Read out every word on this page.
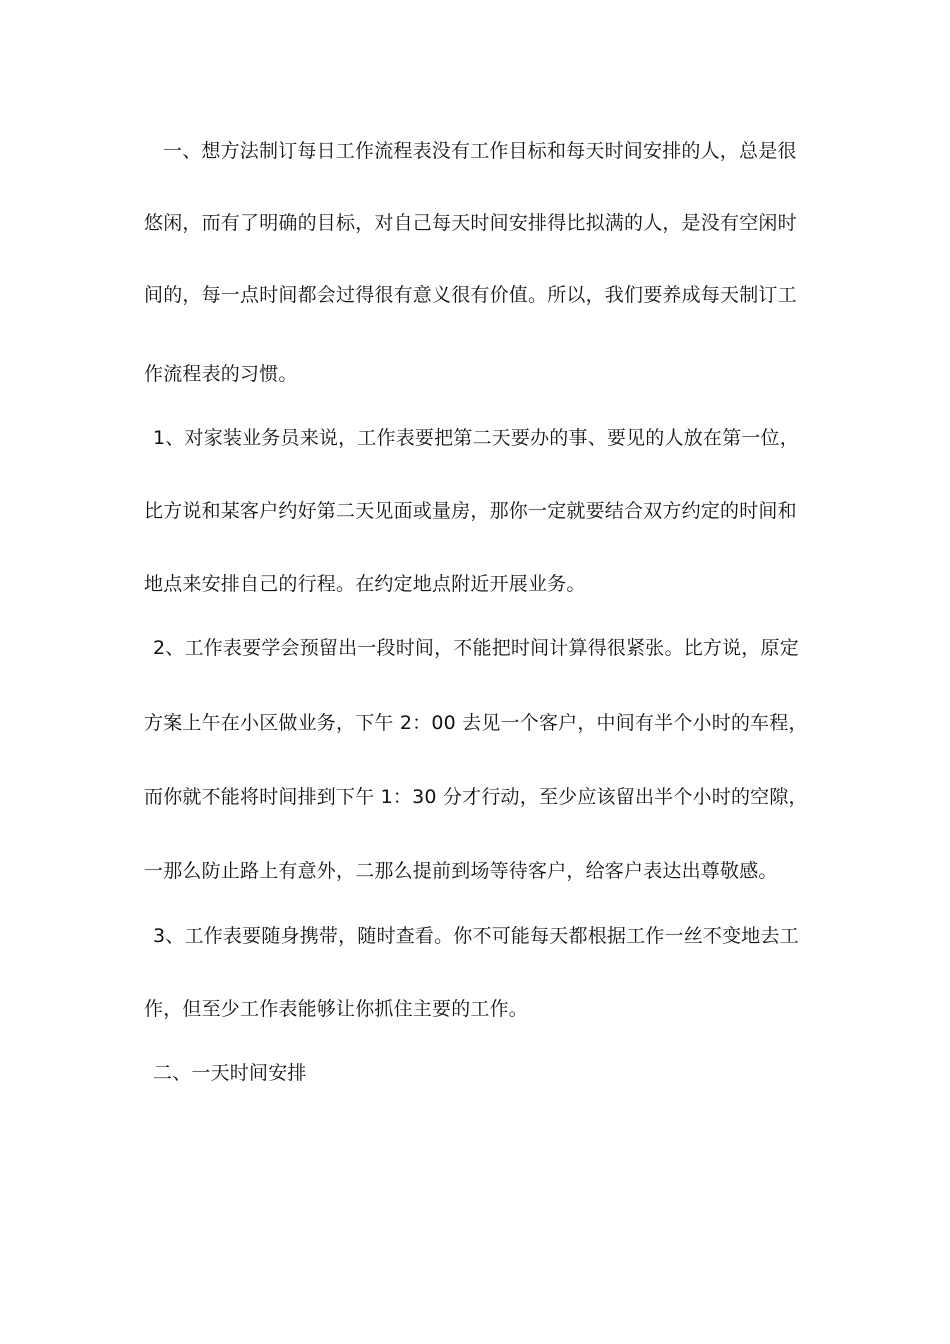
一、想方法制订每日工作流程表没有工作目标和每天时间安排的人，总是很
悠闲，而有了明确的目标，对自己每天时间安排得比拟满的人，是没有空闲时
间的，每一点时间都会过得很有意义很有价值。所以，我们要养成每天制订工
作流程表的习惯。
1、对家装业务员来说，工作表要把第二天要办的事、要见的人放在第一位，
比方说和某客户约好第二天见面或量房，那你一定就要结合双方约定的时间和
地点来安排自己的行程。在约定地点附近开展业务。
2、工作表要学会预留出一段时间，不能把时间计算得很紧张。比方说，原定
方案上午在小区做业务，下午 2：00 去见一个客户，中间有半个小时的车程，
而你就不能将时间排到下午 1：30 分才行动，至少应该留出半个小时的空隙，
一那么防止路上有意外，二那么提前到场等待客户，给客户表达出尊敬感。
3、工作表要随身携带，随时查看。你不可能每天都根据工作一丝不变地去工
作，但至少工作表能够让你抓住主要的工作。
二、一天时间安排
